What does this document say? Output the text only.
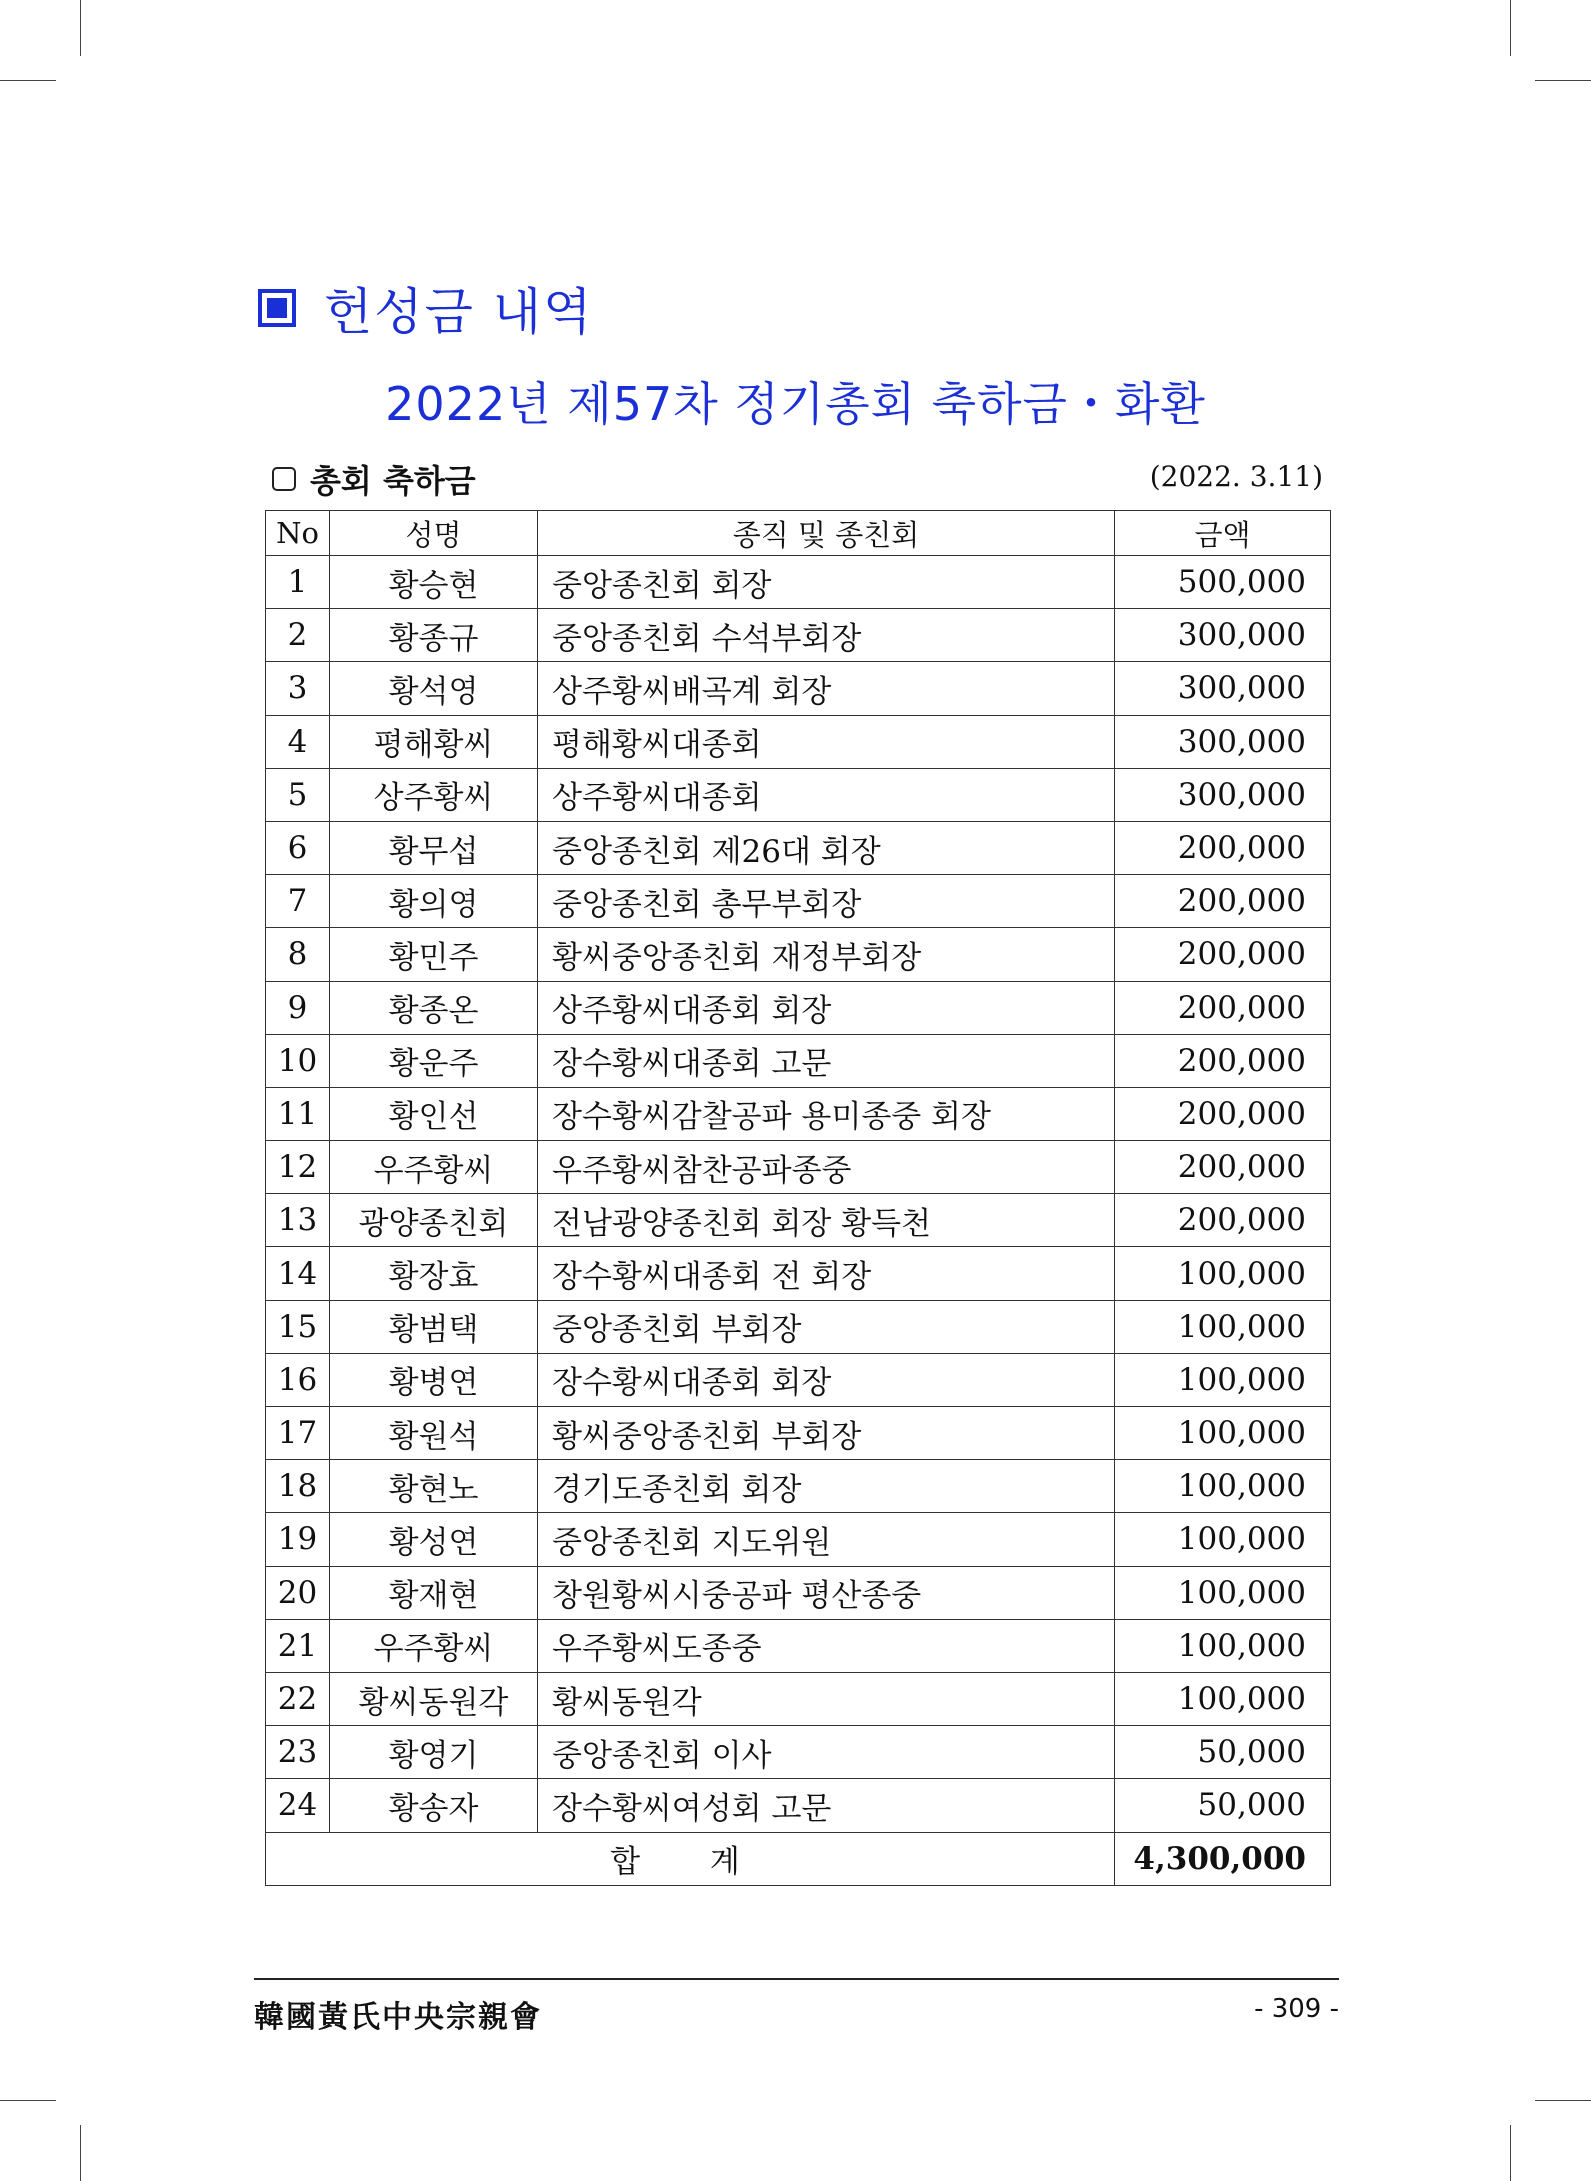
헌성금 내역
2022년 제57차 정기총회 축하금・화환
총회 축하금	(2022. 3.11)
No	성명	종직 및 종친회	금액
1	황승현	중앙종친회 회장	500,000
2	황종규	중앙종친회 수석부회장	300,000
3	황석영	상주황씨배곡계 회장	300,000
4	평해황씨	평해황씨대종회	300,000
5	상주황씨	상주황씨대종회	300,000
6	황무섭	중앙종친회 제26대 회장	200,000
7	황의영	중앙종친회 총무부회장	200,000
8	황민주	황씨중앙종친회 재정부회장	200,000
9	황종온	상주황씨대종회 회장	200,000
10	황운주	장수황씨대종회 고문	200,000
11	황인선	장수황씨감찰공파 용미종중 회장	200,000
12	우주황씨	우주황씨참찬공파종중	200,000
13	광양종친회	전남광양종친회 회장 황득천	200,000
14	황장효	장수황씨대종회 전 회장	100,000
15	황범택	중앙종친회 부회장	100,000
16	황병연	장수황씨대종회 회장	100,000
17	황원석	황씨중앙종친회 부회장	100,000
18	황현노	경기도종친회 회장	100,000
19	황성연	중앙종친회 지도위원	100,000
20	황재현	창원황씨시중공파 평산종중	100,000
21	우주황씨	우주황씨도종중	100,000
22	황씨동원각	황씨동원각	100,000
23	황영기	중앙종친회 이사	50,000
24	황송자	장수황씨여성회 고문	50,000
합 계			4,300,000
韓國黃氏中央宗親會	- 309 -
